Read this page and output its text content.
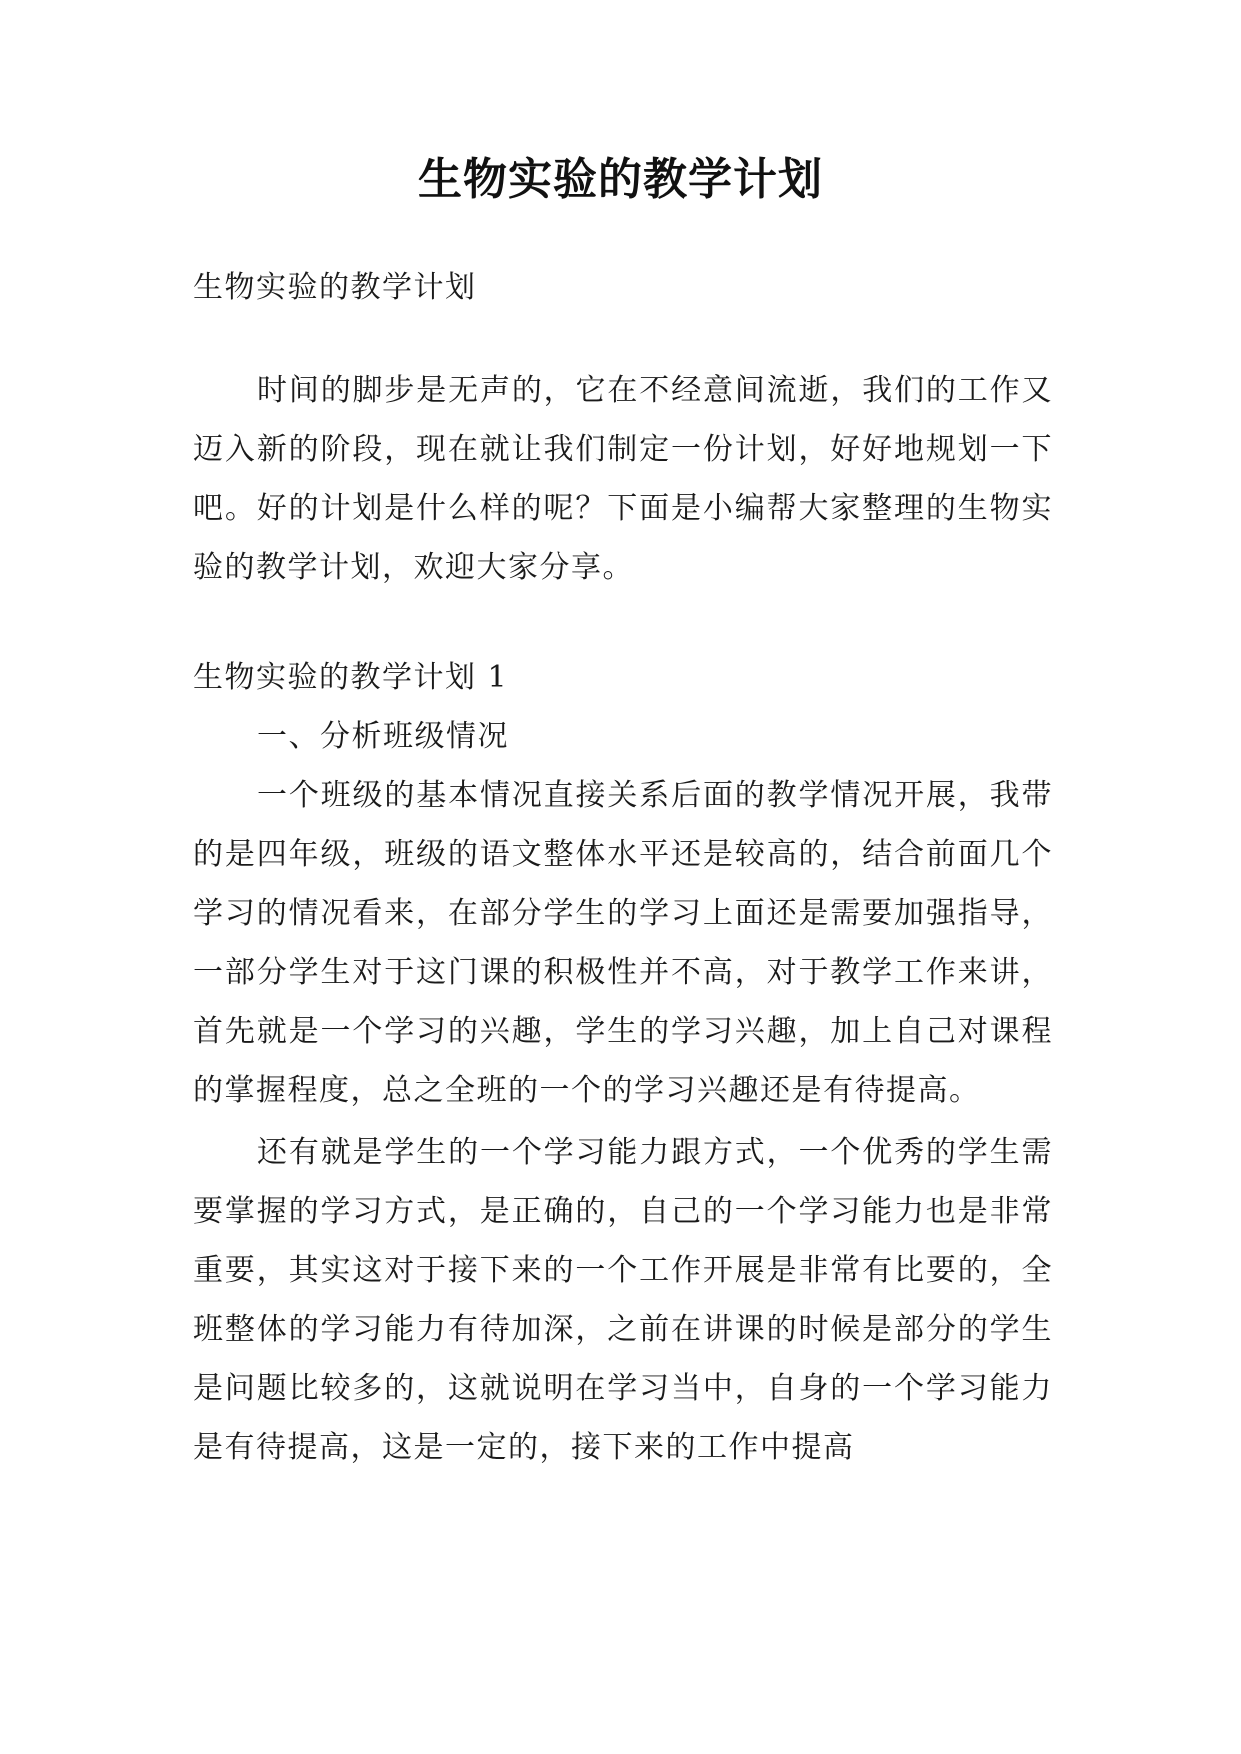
生物实验的教学计划

生物实验的教学计划

时间的脚步是无声的，它在不经意间流逝，我们的工作又迈入新的阶段，现在就让我们制定一份计划，好好地规划一下吧。好的计划是什么样的呢？下面是小编帮大家整理的生物实验的教学计划，欢迎大家分享。

生物实验的教学计划 1

一、分析班级情况

一个班级的基本情况直接关系后面的教学情况开展，我带的是四年级，班级的语文整体水平还是较高的，结合前面几个学习的情况看来，在部分学生的学习上面还是需要加强指导，一部分学生对于这门课的积极性并不高，对于教学工作来讲，首先就是一个学习的兴趣，学生的学习兴趣，加上自己对课程的掌握程度，总之全班的一个的学习兴趣还是有待提高。

还有就是学生的一个学习能力跟方式，一个优秀的学生需要掌握的学习方式，是正确的，自己的一个学习能力也是非常重要，其实这对于接下来的一个工作开展是非常有比要的，全班整体的学习能力有待加深，之前在讲课的时候是部分的学生是问题比较多的，这就说明在学习当中，自身的一个学习能力是有待提高，这是一定的，接下来的工作中提高
